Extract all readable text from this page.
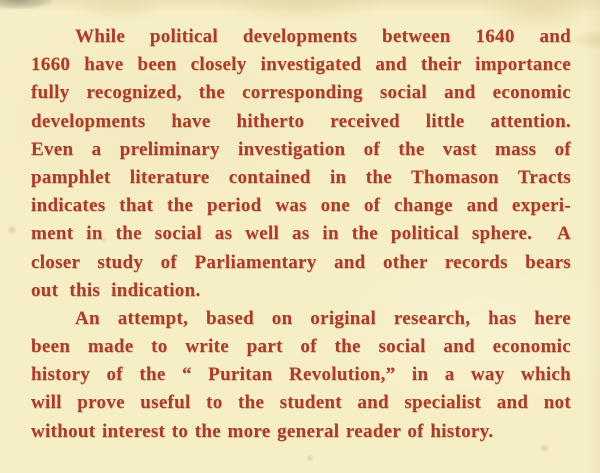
While political developments between 1640 and
1660 have been closely investigated and their importance
fully recognized, the corresponding social and economic
developments have hitherto received little attention.
Even a preliminary investigation of the vast mass of
pamphlet literature contained in the Thomason Tracts
indicates that the period was one of change and experi-
ment in the social as well as in the political sphere.  A
closer study of Parliamentary and other records bears
out this indication.
An attempt, based on original research, has here
been made to write part of the social and economic
history of the “ Puritan Revolution,” in a way which
will prove useful to the student and specialist and not
without interest to the more general reader of history.
